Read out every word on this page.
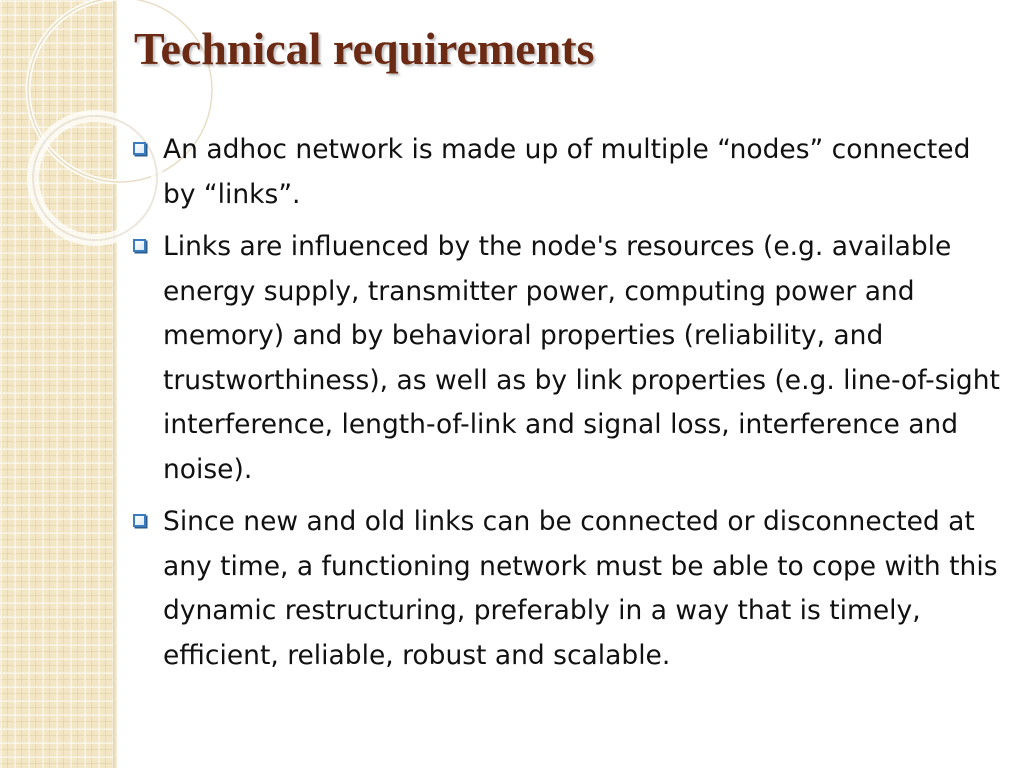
Technical requirements
An adhoc network is made up of multiple “nodes” connected by “links”.
Links are influenced by the node's resources (e.g. available energy supply, transmitter power, computing power and memory) and by behavioral properties (reliability, and trustworthiness), as well as by link properties (e.g. line-of-sight interference, length-of-link and signal loss, interference and noise).
Since new and old links can be connected or disconnected at any time, a functioning network must be able to cope with this dynamic restructuring, preferably in a way that is timely, efficient, reliable, robust and scalable.
